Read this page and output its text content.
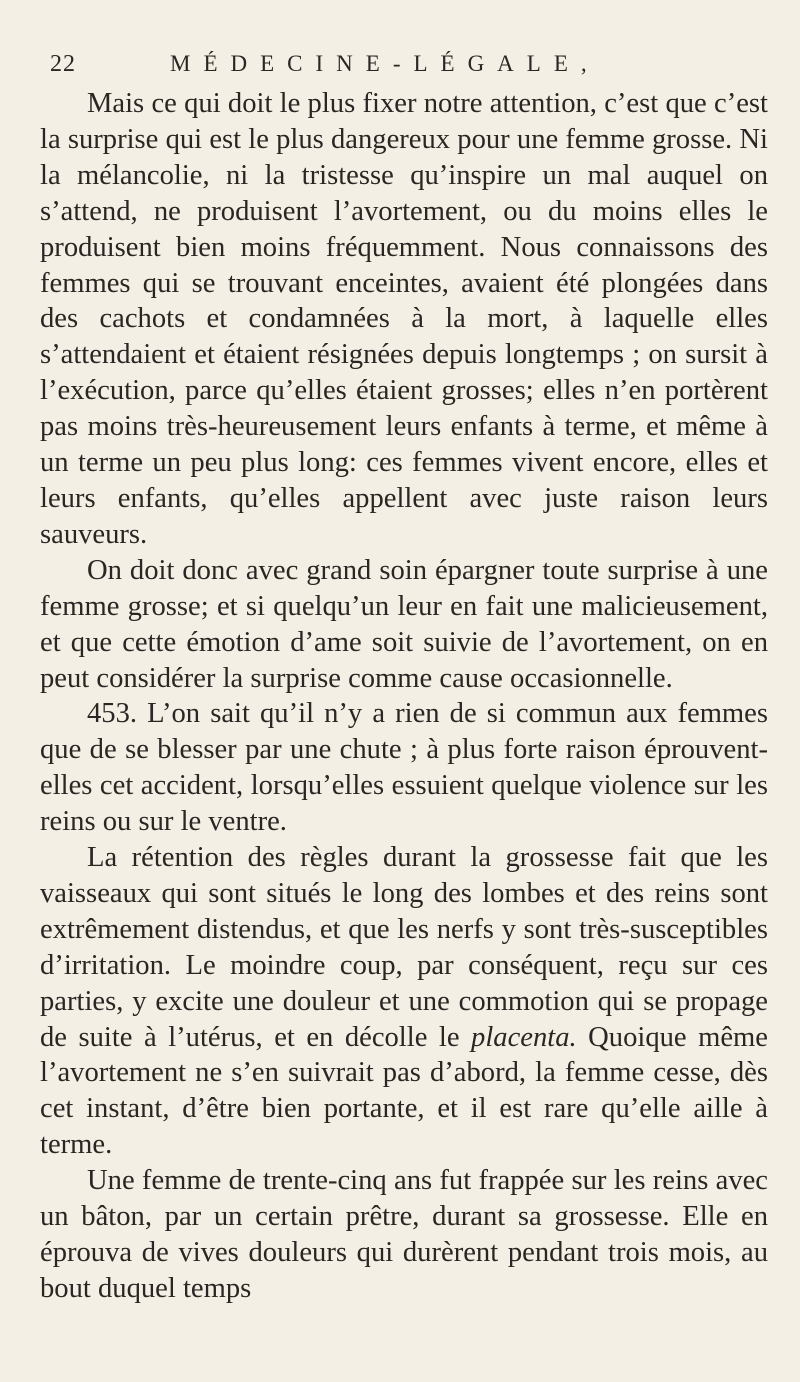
22	MÉDECINE-LÉGALE,

Mais ce qui doit le plus fixer notre attention, c’est que c’est la surprise qui est le plus dangereux pour une femme grosse. Ni la mélancolie, ni la tristesse qu’inspire un mal auquel on s’attend, ne produisent l’avortement, ou du moins elles le produisent bien moins fréquemment. Nous connaissons des femmes qui se trouvant enceintes, avaient été plongées dans des cachots et condamnées à la mort, à laquelle elles s’attendaient et étaient résignées depuis longtemps ; on sursit à l’exécution, parce qu’elles étaient grosses; elles n’en portèrent pas moins très-heureusement leurs enfants à terme, et même à un terme un peu plus long: ces femmes vivent encore, elles et leurs enfants, qu’elles appellent avec juste raison leurs sauveurs.

On doit donc avec grand soin épargner toute surprise à une femme grosse; et si quelqu’un leur en fait une malicieusement, et que cette émotion d’ame soit suivie de l’avortement, on en peut considérer la surprise comme cause occasionnelle.

453. L’on sait qu’il n’y a rien de si commun aux femmes que de se blesser par une chute ; à plus forte raison éprouvent-elles cet accident, lorsqu’elles essuient quelque violence sur les reins ou sur le ventre.

La rétention des règles durant la grossesse fait que les vaisseaux qui sont situés le long des lombes et des reins sont extrêmement distendus, et que les nerfs y sont très-susceptibles d’irritation. Le moindre coup, par conséquent, reçu sur ces parties, y excite une douleur et une commotion qui se propage de suite à l’utérus, et en décolle le placenta. Quoique même l’avortement ne s’en suivrait pas d’abord, la femme cesse, dès cet instant, d’être bien portante, et il est rare qu’elle aille à terme.

Une femme de trente-cinq ans fut frappée sur les reins avec un bâton, par un certain prêtre, durant sa grossesse. Elle en éprouva de vives douleurs qui durèrent pendant trois mois, au bout duquel temps
